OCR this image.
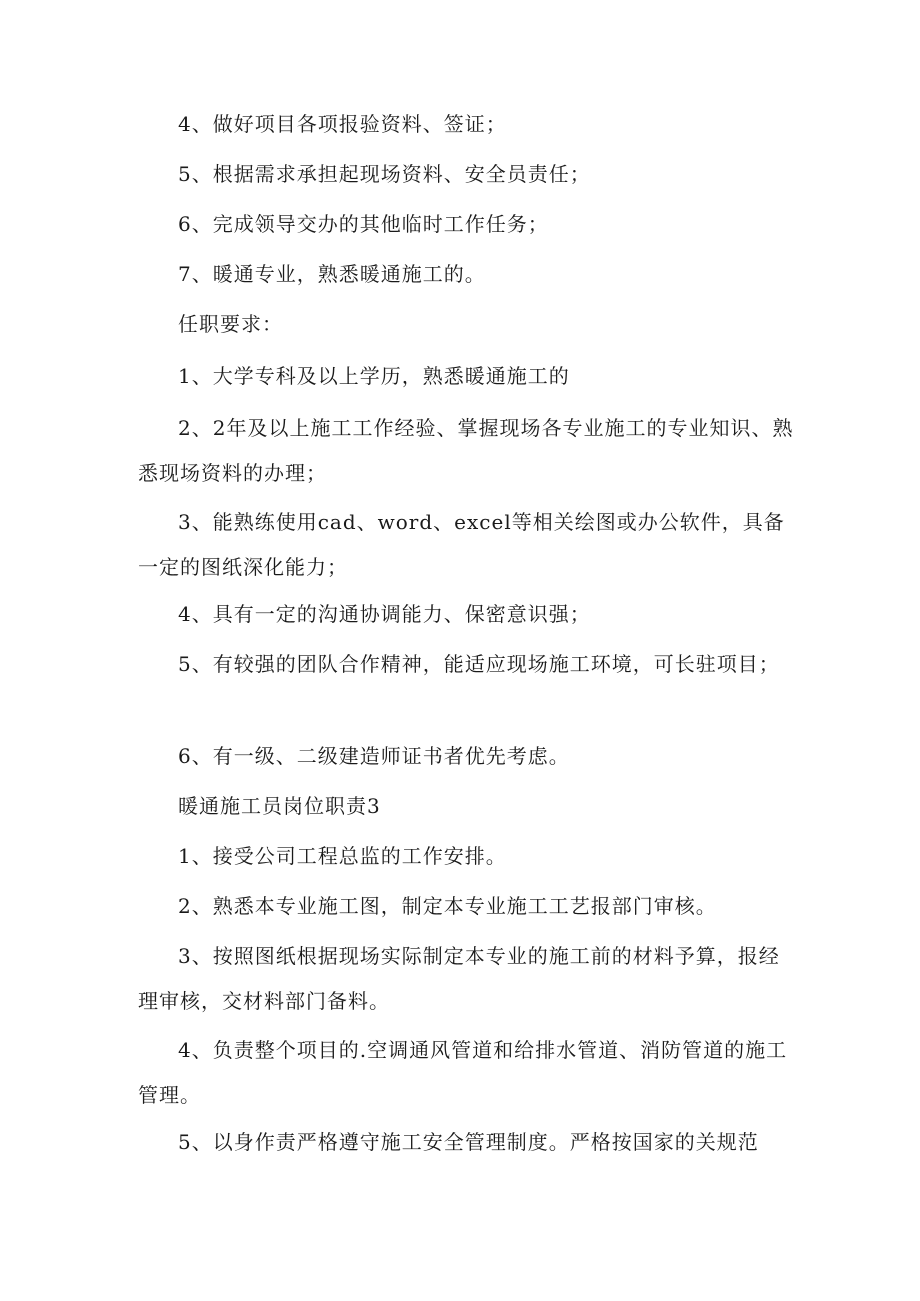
4、做好项目各项报验资料、签证；

5、根据需求承担起现场资料、安全员责任；

6、完成领导交办的其他临时工作任务；

7、暖通专业，熟悉暖通施工的。

任职要求：

1、大学专科及以上学历，熟悉暖通施工的

2、2年及以上施工工作经验、掌握现场各专业施工的专业知识、熟悉现场资料的办理；

3、能熟练使用cad、word、excel等相关绘图或办公软件，具备一定的图纸深化能力；

4、具有一定的沟通协调能力、保密意识强；

5、有较强的团队合作精神，能适应现场施工环境，可长驻项目；

6、有一级、二级建造师证书者优先考虑。

暖通施工员岗位职责3

1、接受公司工程总监的工作安排。

2、熟悉本专业施工图，制定本专业施工工艺报部门审核。

3、按照图纸根据现场实际制定本专业的施工前的材料予算，报经理审核，交材料部门备料。

4、负责整个项目的.空调通风管道和给排水管道、消防管道的施工管理。

5、以身作责严格遵守施工安全管理制度。严格按国家的关规范
